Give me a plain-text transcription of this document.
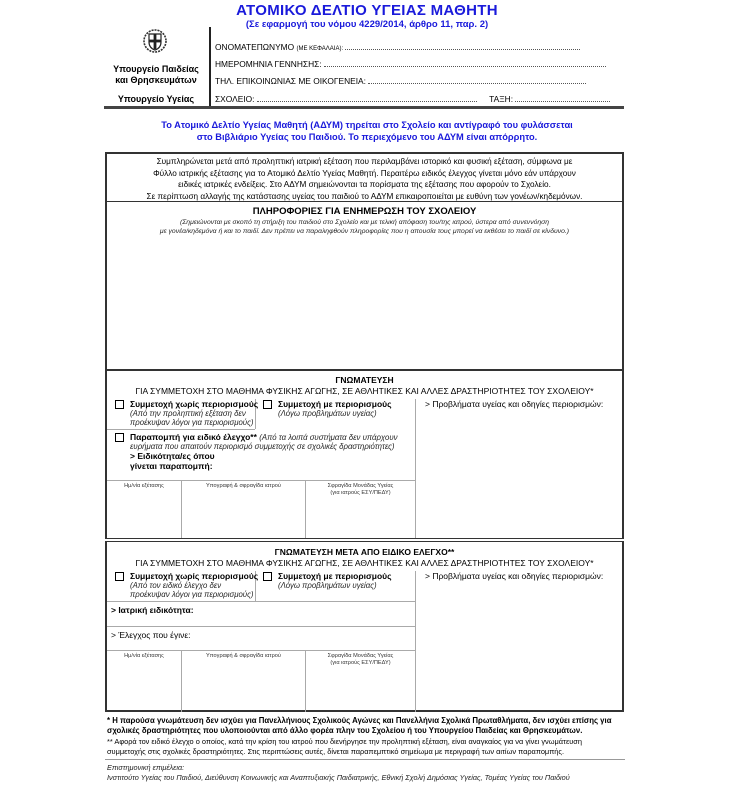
ΑΤΟΜΙΚΟ ΔΕΛΤΙΟ ΥΓΕΙΑΣ ΜΑΘΗΤΗ
(Σε εφαρμογή του νόμου 4229/2014, άρθρο 11, παρ. 2)
Υπουργείο Παιδείας
και Θρησκευμάτων
Υπουργείο Υγείας
ΟΝΟΜΑΤΕΠΩΝΥΜΟ (ΜΕ ΚΕΦΑΛΑΙΑ):
ΗΜΕΡΟΜΗΝΙΑ ΓΕΝΝΗΣΗΣ:
ΤΗΛ. ΕΠΙΚΟΙΝΩΝΙΑΣ ΜΕ ΟΙΚΟΓΕΝΕΙΑ:
ΣΧΟΛΕΙΟ:	ΤΑΞΗ:
Το Ατομικό Δελτίο Υγείας Μαθητή (ΑΔΥΜ) τηρείται στο Σχολείο και αντίγραφό του φυλάσσεται
στο Βιβλιάριο Υγείας του Παιδιού. Το περιεχόμενο του ΑΔΥΜ είναι απόρρητο.
Συμπληρώνεται μετά από προληπτική ιατρική εξέταση που περιλαμβάνει ιστορικό και φυσική εξέταση, σύμφωνα με
Φύλλο ιατρικής εξέτασης για το Ατομικό Δελτίο Υγείας Μαθητή. Περαιτέρω ειδικός έλεγχος γίνεται μόνο εάν υπάρχουν
ειδικές ιατρικές ενδείξεις. Στο ΑΔΥΜ σημειώνονται τα πορίσματα της εξέτασης που αφορούν το Σχολείο.
Σε περίπτωση αλλαγής της κατάστασης υγείας του παιδιού το ΑΔΥΜ επικαιροποιείται με ευθύνη των γονέων/κηδεμόνων.
ΠΛΗΡΟΦΟΡΙΕΣ ΓΙΑ ΕΝΗΜΕΡΩΣΗ ΤΟΥ ΣΧΟΛΕΙΟΥ
(Σημειώνονται με σκοπό τη στήριξη του παιδιού στο Σχολείο και με τελική απόφαση του/της ιατρού, ύστερα από συνεννόηση
με γονέα/κηδεμόνα ή και το παιδί. Δεν πρέπει να παραληφθούν πληροφορίες που η απουσία τους μπορεί να εκθέσει το παιδί σε κίνδυνο.)
ΓΝΩΜΑΤΕΥΣΗ
ΓΙΑ ΣΥΜΜΕΤΟΧΗ ΣΤΟ ΜΑΘΗΜΑ ΦΥΣΙΚΗΣ ΑΓΩΓΗΣ, ΣΕ ΑΘΛΗΤΙΚΕΣ ΚΑΙ ΑΛΛΕΣ ΔΡΑΣΤΗΡΙΟΤΗΤΕΣ ΤΟΥ ΣΧΟΛΕΙΟΥ*
Συμμετοχή χωρίς περιορισμούς
(Από την προληπτική εξέταση δεν
προέκυψαν λόγοι για περιορισμούς)
Συμμετοχή με περιορισμούς
(Λόγω προβλημάτων υγείας)
> Προβλήματα υγείας και οδηγίες περιορισμών:
Παραπομπή για ειδικό έλεγχο** (Από τα λοιπά συστήματα δεν υπάρχουν
ευρήματα που απαιτούν περιορισμό συμμετοχής σε σχολικές δραστηριότητες)
> Ειδικότητα/ες όπου
γίνεται παραπομπή:
Ημ/νία εξέτασης	Υπογραφή & σφραγίδα ιατρού	Σφραγίδα Μονάδας Υγείας
(για ιατρούς ΕΣΥ/ΠΕΔΥ)
ΓΝΩΜΑΤΕΥΣΗ ΜΕΤΑ ΑΠΟ ΕΙΔΙΚΟ ΕΛΕΓΧΟ**
ΓΙΑ ΣΥΜΜΕΤΟΧΗ ΣΤΟ ΜΑΘΗΜΑ ΦΥΣΙΚΗΣ ΑΓΩΓΗΣ, ΣΕ ΑΘΛΗΤΙΚΕΣ ΚΑΙ ΑΛΛΕΣ ΔΡΑΣΤΗΡΙΟΤΗΤΕΣ ΤΟΥ ΣΧΟΛΕΙΟΥ*
Συμμετοχή χωρίς περιορισμούς
(Από τον ειδικό έλεγχο δεν
προέκυψαν λόγοι για περιορισμούς)
Συμμετοχή με περιορισμούς
(Λόγω προβλημάτων υγείας)
> Προβλήματα υγείας και οδηγίες περιορισμών:
> Ιατρική ειδικότητα:
> Έλεγχος που έγινε:
Ημ/νία εξέτασης	Υπογραφή & σφραγίδα ιατρού	Σφραγίδα Μονάδας Υγείας
(για ιατρούς ΕΣΥ/ΠΕΔΥ)
* Η παρούσα γνωμάτευση δεν ισχύει για Πανελλήνιους Σχολικούς Αγώνες και Πανελλήνια Σχολικά Πρωταθλήματα, δεν ισχύει επίσης για
σχολικές δραστηριότητες που υλοποιούνται από άλλο φορέα πλην του Σχολείου ή του Υπουργείου Παιδείας και Θρησκευμάτων.
** Αφορά τον ειδικό έλεγχο ο οποίος, κατά την κρίση του ιατρού που διενήργησε την προληπτική εξέταση, είναι αναγκαίος για να γίνει γνωμάτευση
συμμετοχής στις σχολικές δραστηριότητες. Στις περιπτώσεις αυτές, δίνεται παραπεμπτικό σημείωμα με περιγραφή των αιτίων παραπομπής.
Επιστημονική επιμέλεια:
Ινστιτούτο Υγείας του Παιδιού, Διεύθυνση Κοινωνικής και Αναπτυξιακής Παιδιατρικής, Εθνική Σχολή Δημόσιας Υγείας, Τομέας Υγείας του Παιδιού
